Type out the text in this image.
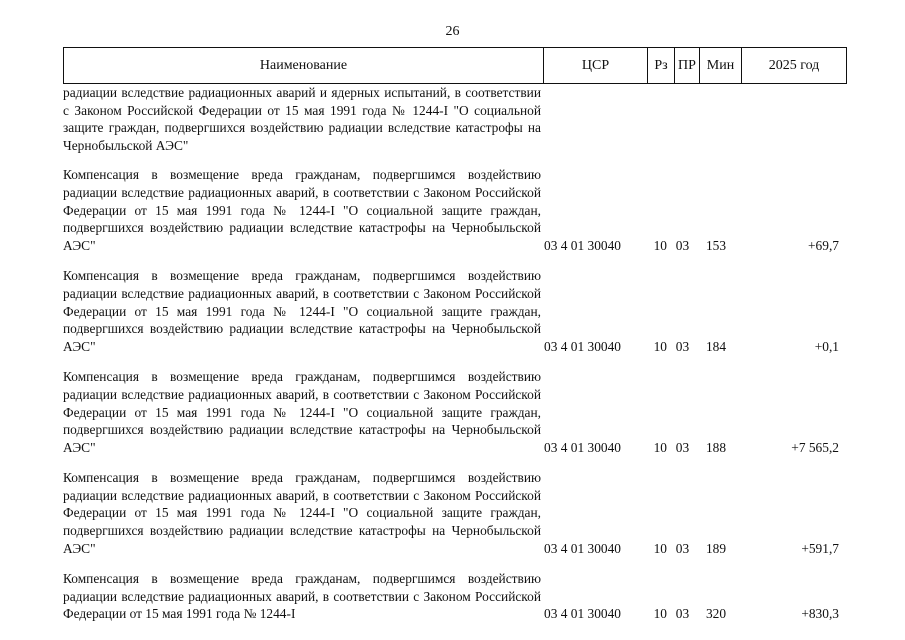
26
Наименование	ЦСР	Рз ПР Мин	2025 год
радиации вследствие радиационных аварий и ядерных испытаний, в соответствии с Законом Российской Федерации от 15 мая 1991 года № 1244-I "О социальной защите граждан, подвергшихся воздействию радиации вследствие катастрофы на Чернобыльской АЭС"
Компенсация в возмещение вреда гражданам, подвергшимся воздействию радиации вследствие радиационных аварий, в соответствии с Законом Российской Федерации от 15 мая 1991 года № 1244-I "О социальной защите граждан, подвергшихся воздействию радиации вследствие катастрофы на Чернобыльской АЭС"	03 4 01 30040	10 03	153	+69,7
Компенсация в возмещение вреда гражданам, подвергшимся воздействию радиации вследствие радиационных аварий, в соответствии с Законом Российской Федерации от 15 мая 1991 года № 1244-I "О социальной защите граждан, подвергшихся воздействию радиации вследствие катастрофы на Чернобыльской АЭС"	03 4 01 30040	10 03	184	+0,1
Компенсация в возмещение вреда гражданам, подвергшимся воздействию радиации вследствие радиационных аварий, в соответствии с Законом Российской Федерации от 15 мая 1991 года № 1244-I "О социальной защите граждан, подвергшихся воздействию радиации вследствие катастрофы на Чернобыльской АЭС"	03 4 01 30040	10 03	188	+7 565,2
Компенсация в возмещение вреда гражданам, подвергшимся воздействию радиации вследствие радиационных аварий, в соответствии с Законом Российской Федерации от 15 мая 1991 года № 1244-I "О социальной защите граждан, подвергшихся воздействию радиации вследствие катастрофы на Чернобыльской АЭС"	03 4 01 30040	10 03	189	+591,7
Компенсация в возмещение вреда гражданам, подвергшимся воздействию радиации вследствие радиационных аварий, в соответствии с Законом Российской Федерации от 15 мая 1991 года № 1244-I	03 4 01 30040	10 03	320	+830,3
